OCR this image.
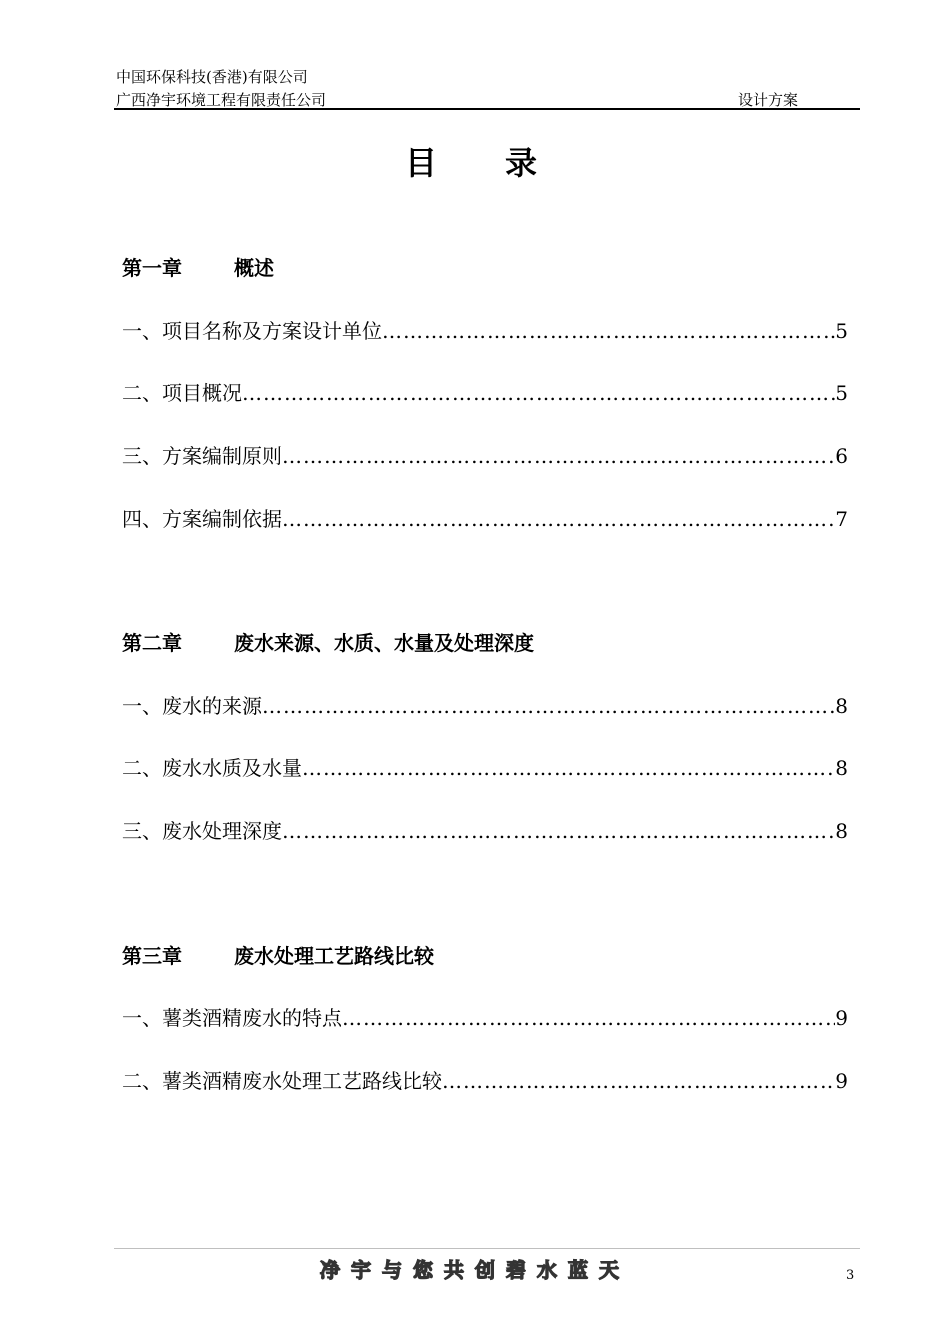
中国环保科技(香港)有限公司
广西净宇环境工程有限责任公司	设计方案
目 录
第一章	概述
一、项目名称及方案设计单位 ……………………………………………………………………………………………………………………………………………………	5
二、项目概况 ……………………………………………………………………………………………………………………………………………………	5
三、方案编制原则 ……………………………………………………………………………………………………………………………………………………	6
四、方案编制依据 ……………………………………………………………………………………………………………………………………………………	7
第二章	废水来源、水质、水量及处理深度
一、废水的来源 ……………………………………………………………………………………………………………………………………………………	8
二、废水水质及水量 ……………………………………………………………………………………………………………………………………………………	8
三、废水处理深度 ……………………………………………………………………………………………………………………………………………………	8
第三章	废水处理工艺路线比较
一、薯类酒精废水的特点 ……………………………………………………………………………………………………………………………………………………	9
二、薯类酒精废水处理工艺路线比较 ……………………………………………………………………………………………………………………………………………………	9
净宇与您共创碧水蓝天	3
